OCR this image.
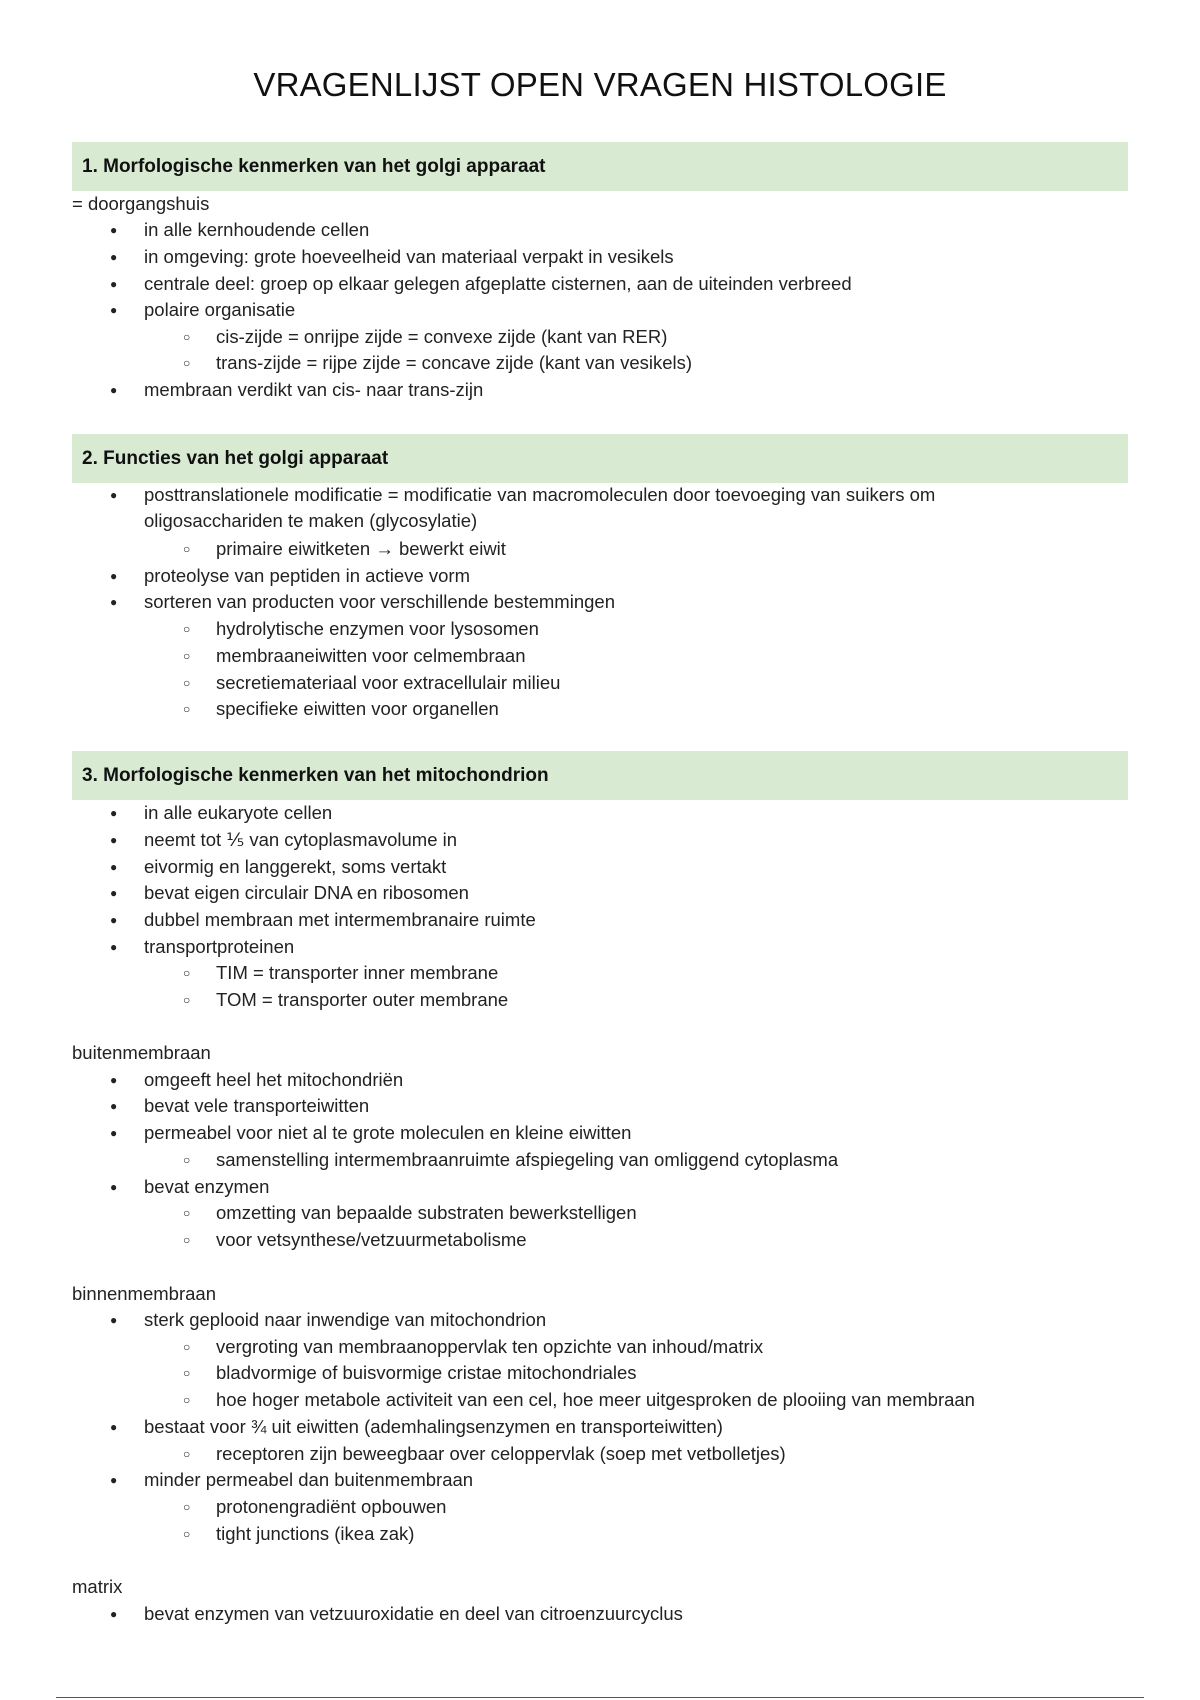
VRAGENLIJST OPEN VRAGEN HISTOLOGIE
1. Morfologische kenmerken van het golgi apparaat
= doorgangshuis
● in alle kernhoudende cellen
● in omgeving: grote hoeveelheid van materiaal verpakt in vesikels
● centrale deel: groep op elkaar gelegen afgeplatte cisternen, aan de uiteinden verbreed
● polaire organisatie
○ cis-zijde = onrijpe zijde = convexe zijde (kant van RER)
○ trans-zijde = rijpe zijde = concave zijde (kant van vesikels)
● membraan verdikt van cis- naar trans-zijn
2. Functies van het golgi apparaat
● posttranslationele modificatie = modificatie van macromoleculen door toevoeging van suikers om
oligosacchariden te maken (glycosylatie)
○ primaire eiwitketen → bewerkt eiwit
● proteolyse van peptiden in actieve vorm
● sorteren van producten voor verschillende bestemmingen
○ hydrolytische enzymen voor lysosomen
○ membraaneiwitten voor celmembraan
○ secretiemateriaal voor extracellulair milieu
○ specifieke eiwitten voor organellen
3. Morfologische kenmerken van het mitochondrion
● in alle eukaryote cellen
● neemt tot ⅕ van cytoplasmavolume in
● eivormig en langgerekt, soms vertakt
● bevat eigen circulair DNA en ribosomen
● dubbel membraan met intermembranaire ruimte
● transportproteinen
○ TIM = transporter inner membrane
○ TOM = transporter outer membrane
buitenmembraan
● omgeeft heel het mitochondriën
● bevat vele transporteiwitten
● permeabel voor niet al te grote moleculen en kleine eiwitten
○ samenstelling intermembraanruimte afspiegeling van omliggend cytoplasma
● bevat enzymen
○ omzetting van bepaalde substraten bewerkstelligen
○ voor vetsynthese/vetzuurmetabolisme
binnenmembraan
● sterk geplooid naar inwendige van mitochondrion
○ vergroting van membraanoppervlak ten opzichte van inhoud/matrix
○ bladvormige of buisvormige cristae mitochondriales
○ hoe hoger metabole activiteit van een cel, hoe meer uitgesproken de plooiing van membraan
● bestaat voor ¾ uit eiwitten (ademhalingsenzymen en transporteiwitten)
○ receptoren zijn beweegbaar over celoppervlak (soep met vetbolletjes)
● minder permeabel dan buitenmembraan
○ protonengradiënt opbouwen
○ tight junctions (ikea zak)
matrix
● bevat enzymen van vetzuuroxidatie en deel van citroenzuurcyclus
